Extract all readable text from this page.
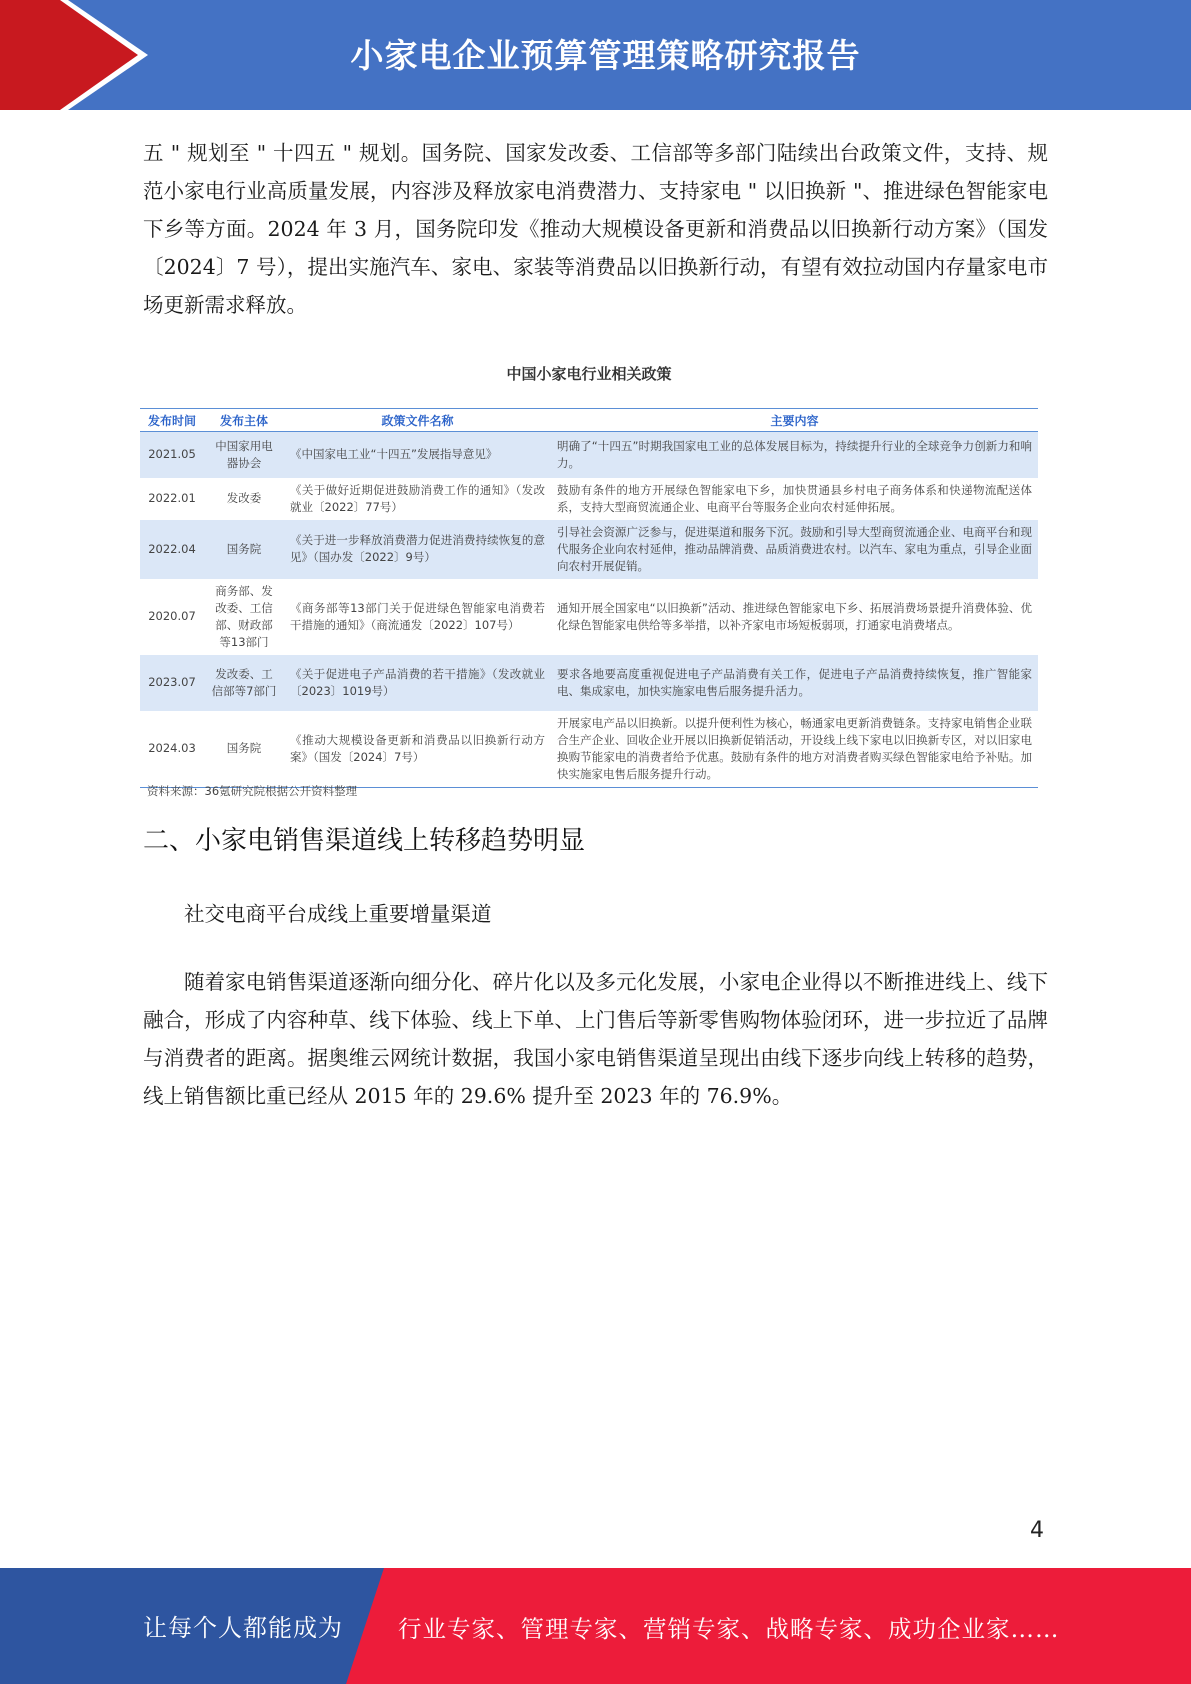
小家电企业预算管理策略研究报告

五 " 规划至 " 十四五 " 规划。国务院、国家发改委、工信部等多部门陆续出台政策文件，支持、规范小家电行业高质量发展，内容涉及释放家电消费潜力、支持家电 " 以旧换新 "、推进绿色智能家电下乡等方面。2024 年 3 月，国务院印发《推动大规模设备更新和消费品以旧换新行动方案》（国发〔2024〕7 号），提出实施汽车、家电、家装等消费品以旧换新行动，有望有效拉动国内存量家电市场更新需求释放。

中国小家电行业相关政策
发布时间	发布主体	政策文件名称	主要内容
2021.05	中国家用电器协会	《中国家电工业“十四五”发展指导意见》	明确了“十四五”时期我国家电工业的总体发展目标为，持续提升行业的全球竞争力创新力和响力。
2022.01	发改委	《关于做好近期促进鼓励消费工作的通知》（发改就业〔2022〕77号）	鼓励有条件的地方开展绿色智能家电下乡，加快贯通县乡村电子商务体系和快递物流配送体系，支持大型商贸流通企业、电商平台等服务企业向农村延伸拓展。
2022.04	国务院	《关于进一步释放消费潜力促进消费持续恢复的意见》（国办发〔2022〕9号）	引导社会资源广泛参与，促进渠道和服务下沉。鼓励和引导大型商贸流通企业、电商平台和现代服务企业向农村延伸，推动品牌消费、品质消费进农村。以汽车、家电为重点，引导企业面向农村开展促销。
2020.07	商务部、发改委、工信部、财政部等13部门	《商务部等13部门关于促进绿色智能家电消费若干措施的通知》（商流通发〔2022〕107号）	通知开展全国家电“以旧换新”活动、推进绿色智能家电下乡、拓展消费场景提升消费体验、优化绿色智能家电供给等多举措，以补齐家电市场短板弱项，打通家电消费堵点。
2023.07	发改委、工信部等7部门	《关于促进电子产品消费的若干措施》（发改就业〔2023〕1019号）	要求各地要高度重视促进电子产品消费有关工作，促进电子产品消费持续恢复，推广智能家电、集成家电，加快实施家电售后服务提升活力。
2024.03	国务院	《推动大规模设备更新和消费品以旧换新行动方案》（国发〔2024〕7号）	开展家电产品以旧换新。以提升便利性为核心，畅通家电更新消费链条。支持家电销售企业联合生产企业、回收企业开展以旧换新促销活动，开设线上线下家电以旧换新专区，对以旧家电换购节能家电的消费者给予优惠。鼓励有条件的地方对消费者购买绿色智能家电给予补贴。加快实施家电售后服务提升行动。
资料来源：36氪研究院根据公开资料整理
二、小家电销售渠道线上转移趋势明显

社交电商平台成线上重要增量渠道

随着家电销售渠道逐渐向细分化、碎片化以及多元化发展，小家电企业得以不断推进线上、线下融合，形成了内容种草、线下体验、线上下单、上门售后等新零售购物体验闭环，进一步拉近了品牌与消费者的距离。据奥维云网统计数据，我国小家电销售渠道呈现出由线下逐步向线上转移的趋势，线上销售额比重已经从 2015 年的 29.6% 提升至 2023 年的 76.9%。

4
让每个人都能成为 行业专家、管理专家、营销专家、战略专家、成功企业家……
